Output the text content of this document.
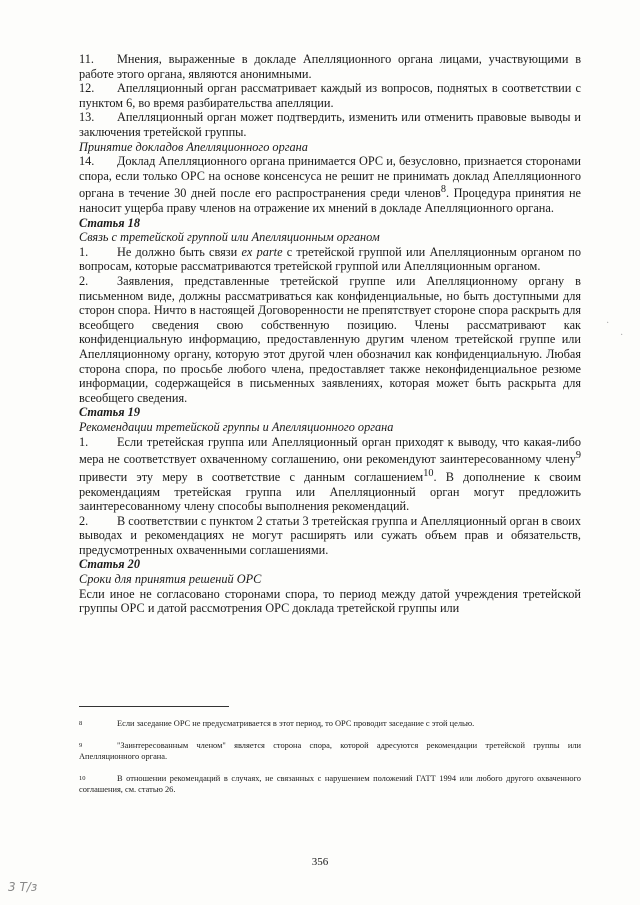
11. Мнения, выраженные в докладе Апелляционного органа лицами, участвующими в работе этого органа, являются анонимными.

12. Апелляционный орган рассматривает каждый из вопросов, поднятых в соответствии с пунктом 6, во время разбирательства апелляции.

13. Апелляционный орган может подтвердить, изменить или отменить правовые выводы и заключения третейской группы.

Принятие докладов Апелляционного органа

14. Доклад Апелляционного органа принимается ОРС и, безусловно, признается сторонами спора, если только ОРС на основе консенсуса не решит не принимать доклад Апелляционного органа в течение 30 дней после его распространения среди членов$^8$. Процедура принятия не наносит ущерба праву членов на отражение их мнений в докладе Апелляционного органа.

Статья 18

Связь с третейской группой или Апелляционным органом

1. Не должно быть связи ex parte с третейской группой или Апелляционным органом по вопросам, которые рассматриваются третейской группой или Апелляционным органом.

2. Заявления, представленные третейской группе или Апелляционному органу в письменном виде, должны рассматриваться как конфиденциальные, но быть доступными для сторон спора. Ничто в настоящей Договоренности не препятствует стороне спора раскрыть для всеобщего сведения свою собственную позицию. Члены рассматривают как конфиденциальную информацию, предоставленную другим членом третейской группе или Апелляционному органу, которую этот другой член обозначил как конфиденциальную. Любая сторона спора, по просьбе любого члена, предоставляет также неконфиденциальное резюме информации, содержащейся в письменных заявлениях, которая может быть раскрыта для всеобщего сведения.

Статья 19

Рекомендации третейской группы и Апелляционного органа

1. Если третейская группа или Апелляционный орган приходят к выводу, что какая-либо мера не соответствует охваченному соглашению, они рекомендуют заинтересованному члену$^9$ привести эту меру в соответствие с данным соглашением$^{10}$. В дополнение к своим рекомендациям третейская группа или Апелляционный орган могут предложить заинтересованному члену способы выполнения рекомендаций.

2. В соответствии с пунктом 2 статьи 3 третейская группа и Апелляционный орган в своих выводах и рекомендациях не могут расширять или сужать объем прав и обязательств, предусмотренных охваченными соглашениями.

Статья 20

Сроки для принятия решений ОРС

Если иное не согласовано сторонами спора, то период между датой учреждения третейской группы ОРС и датой рассмотрения ОРС доклада третейской группы или

$^8$	Если заседание ОРС не предусматривается в этот период, то ОРС проводит заседание с этой целью.

$^9$	"Заинтересованным членом" является сторона спора, которой адресуются рекомендации третейской группы или Апелляционного органа.

$^{10}$	В отношении рекомендаций в случаях, не связанных с нарушением положений ГАТТ 1994 или любого другого охваченного соглашения, см. статью 26.

356
3 Т/з
·
·
